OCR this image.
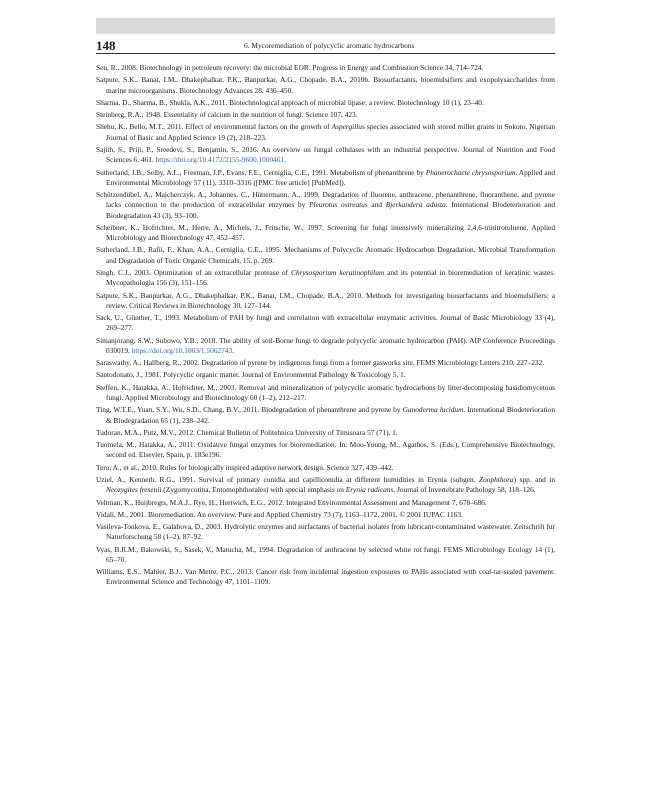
148	6. Mycoremediation of polycyclic aromatic hydrocarbons
Sen, R., 2008. Biotechnology in petroleum recovery: the microbial EOR. Progress in Energy and Combustion Science 34, 714–724.
Satpute, S.K., Banat, I.M., Dhakephalkar, P.K., Banpurkar, A.G., Chopade, B.A., 2010b. Biosurfactants, bioemulsifiers and exopolysaccharides from marine microorganisms. Biotechnology Advances 28, 436–450.
Sharma, D., Sharma, B., Shukla, A.K., 2011. Biotechnological approach of microbial lipase: a review. Biotechnology 10 (1), 23–40.
Steinberg, R.A., 1948. Essentiality of calcium in the nutrition of fungi. Science 107, 423.
Shehu, K., Bello, M.T., 2011. Effect of environmental factors on the growth of Aspergillus species associated with stored millet grains in Sokoto. Nigerian Journal of Basic and Applied Science 19 (2), 218–223.
Sajith, S., Priji, P., Sreedevi, S., Benjamin, S., 2016. An overview on fungal cellulases with an industrial perspective. Journal of Nutrition and Food Sciences 6, 461. https://doi.org/10.4172/2155-9600.1000461.
Sutherland, J.B., Selby, A.L., Freeman, J.P., Evans, F.E., Cerniglia, C.E., 1991. Metabolism of phenanthrene by Phanerochaete chrysosporium. Applied and Environmental Microbiology 57 (11), 3310–3316 ([PMC free article] [PubMed]).
Schützendübel, A., Majcherczyk, A., Johannes, C., Hüttermann, A., 1999. Degradation of fluorene, anthracene, phenanthrene, fluoranthene, and pyrene lacks connection to the production of extracellular enzymes by Pleurotus ostreatus and Bjerkandera adusta. International Biodeterioration and Biodegradation 43 (3), 93–100.
Scheibner, K., Hofrichter, M., Herre, A., Michels, J., Fritsche, W., 1997. Screening for fungi intensively mineralizing 2,4,6-trinitrotoluene. Applied Microbiology and Biotechnology 47, 452–457.
Sutherland, J.B., Rafii, F., Khan, A.A., Cerniglia, C.E., 1995. Mechanisms of Polycyclic Aromatic Hydrocarbon Degradation, Microbial Transformation and Degradation of Toxic Organic Chemicals, 15, p. 269.
Singh, C.J., 2003. Optimization of an extracellular protease of Chrysosporium keratinophilum and its potential in bioremediation of keratinic wastes. Mycopathologia 156 (3), 151–156.
Satpute, S.K., Banpurkar, A.G., Dhakephalkar, P.K., Banat, I.M., Chopade, B.A., 2010. Methods for investigating biosurfactants and bioemulsifiers: a review. Critical Reviews in Biotechnology 30, 127–144.
Sack, U., Günther, T., 1993. Metabolism of PAH by fungi and correlation with extracellular enzymatic activities. Journal of Basic Microbiology 33 (4), 269–277.
Simanjorang, S.W., Subowo, Y.B., 2018. The ability of soil-Borne fungi to degrade polycyclic aromatic hydrocarbon (PAH). AIP Conference Proceedings 030019. https://doi.org/10.1063/1.5062743.
Saraswathy, A., Hallberg, R., 2002. Degradation of pyrene by indigenous fungi from a former gasworks site. FEMS Microbiology Letters 210, 227–232.
Santodonato, J., 1981. Polycyclic organic matter. Journal of Environmental Pathology & Toxicology 5, 1.
Steffen, K., Hatakka, A., Hofrichter, M., 2003. Removal and mineralization of polycyclic aromatic hydrocarbons by litter-decomposing basidiomycetous fungi. Applied Microbiology and Biotechnology 60 (1–2), 212–217.
Ting, W.T.E., Yuan, S.Y., Wu, S.D., Chang, B.V., 2011. Biodegradation of phenanthrene and pyrene by Ganoderma lucidum. International Biodeterioration & Biodegradation 65 (1), 238–242.
Tudoran, M.A., Putz, M.V., 2012. Chemical Bulletin of Politehnica University of Timisoara 57 (71), 1.
Tuomela, M., Hatakka, A., 2011. Oxidative fungal enzymes for bioremediation. In: Moo-Young, M., Agathos, S. (Eds.), Comprehensive Biotechnology, second ed. Elsevier, Spain, p. 183e196.
Tero, A., et al., 2010. Rules for biologically inspired adaptive network design. Science 327, 439–442.
Uziel, A., Kenneth, R.G., 1991. Survival of primary conidia and capilliconidia at different humidities in Erynia (subgen. Zoophthora) spp. and in Neozygites fresenii (Zygomycotina, Entomophthorales) with special emphasis on Erynia radicans. Journal of Invertebrate Pathology 58, 118–126.
Veltman, K., Huijbregts, M.A.J., Rye, H., Hertwich, E.G., 2012. Integrated Environmental Assessment and Management 7, 678–686.
Vidali, M., 2001. Bioremediation. An overview. Pure and Applied Chemistry 73 (7), 1163–1172, 2001. © 2001 IUPAC 1163.
Vasileva-Tonkova, E., Galabova, D., 2003. Hydrolytic enzymes and surfactants of bacterial isolates from lubricant-contaminated wastewater. Zeitschrift fur Naturforschung 58 (1–2), 87–92.
Vyas, B.R.M., Bakowski, S., Sasek, V., Matucha, M., 1994. Degradation of anthracene by selected white rot fungi. FEMS Microbiology Ecology 14 (1), 65–70.
Williams, E.S., Mahler, B.J., Van Metre, P.C., 2013. Cancer risk from incidental ingestion exposures to PAHs associated with coal-tar-sealed pavement. Environmental Science and Technology 47, 1101–1109.
